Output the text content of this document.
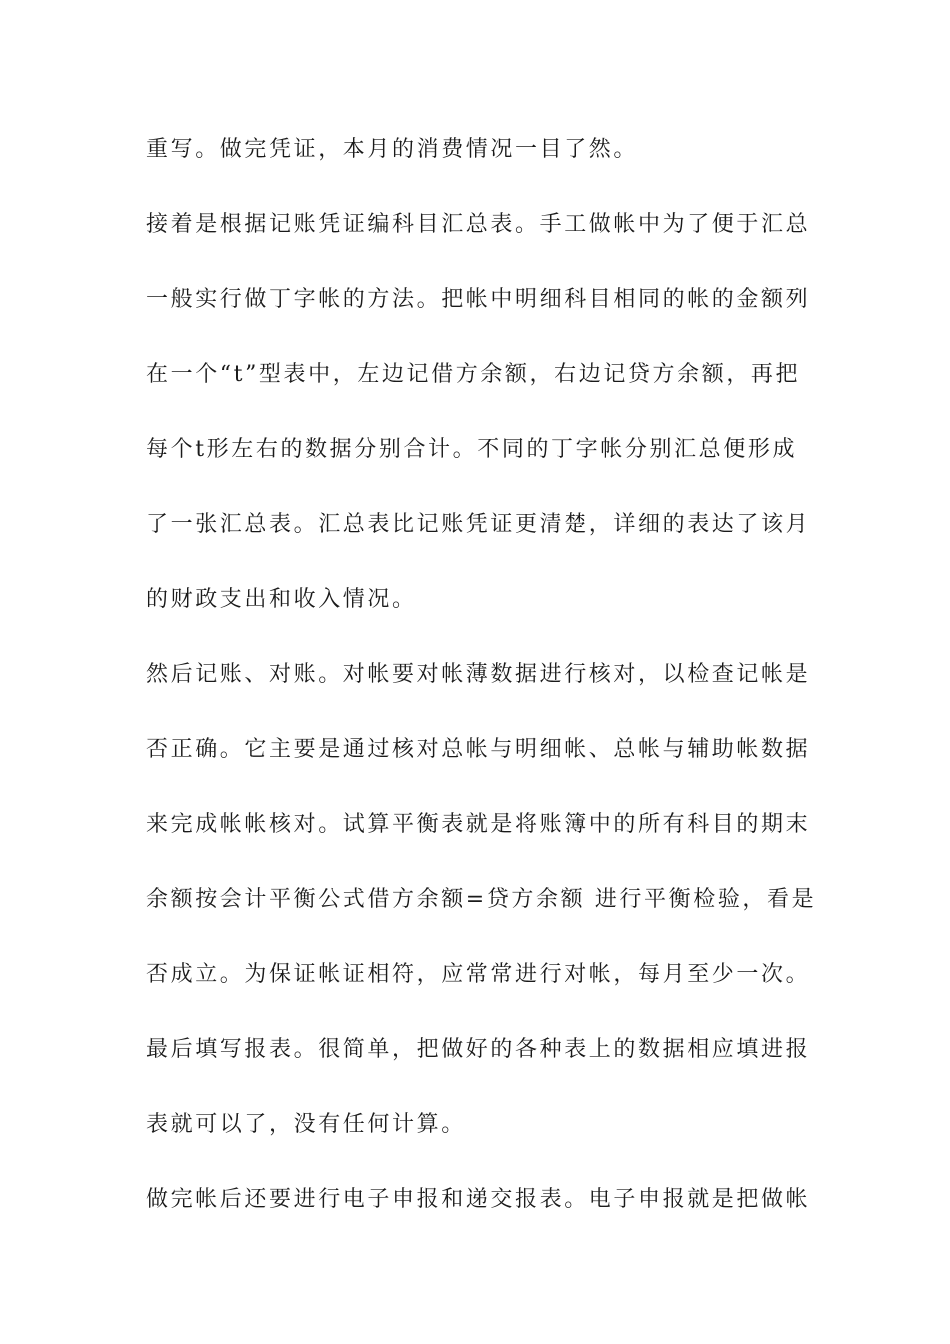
重写。做完凭证，本月的消费情况一目了然。
接着是根据记账凭证编科目汇总表。手工做帐中为了便于汇总
一般实行做丁字帐的方法。把帐中明细科目相同的帐的金额列
在一个“t”型表中，左边记借方余额，右边记贷方余额，再把
每个t形左右的数据分别合计。不同的丁字帐分别汇总便形成
了一张汇总表。汇总表比记账凭证更清楚，详细的表达了该月
的财政支出和收入情况。
然后记账、对账。对帐要对帐薄数据进行核对，以检查记帐是
否正确。它主要是通过核对总帐与明细帐、总帐与辅助帐数据
来完成帐帐核对。试算平衡表就是将账簿中的所有科目的期末
余额按会计平衡公式借方余额=贷方余额 进行平衡检验，看是
否成立。为保证帐证相符，应常常进行对帐，每月至少一次。
最后填写报表。很简单，把做好的各种表上的数据相应填进报
表就可以了，没有任何计算。
做完帐后还要进行电子申报和递交报表。电子申报就是把做帐
